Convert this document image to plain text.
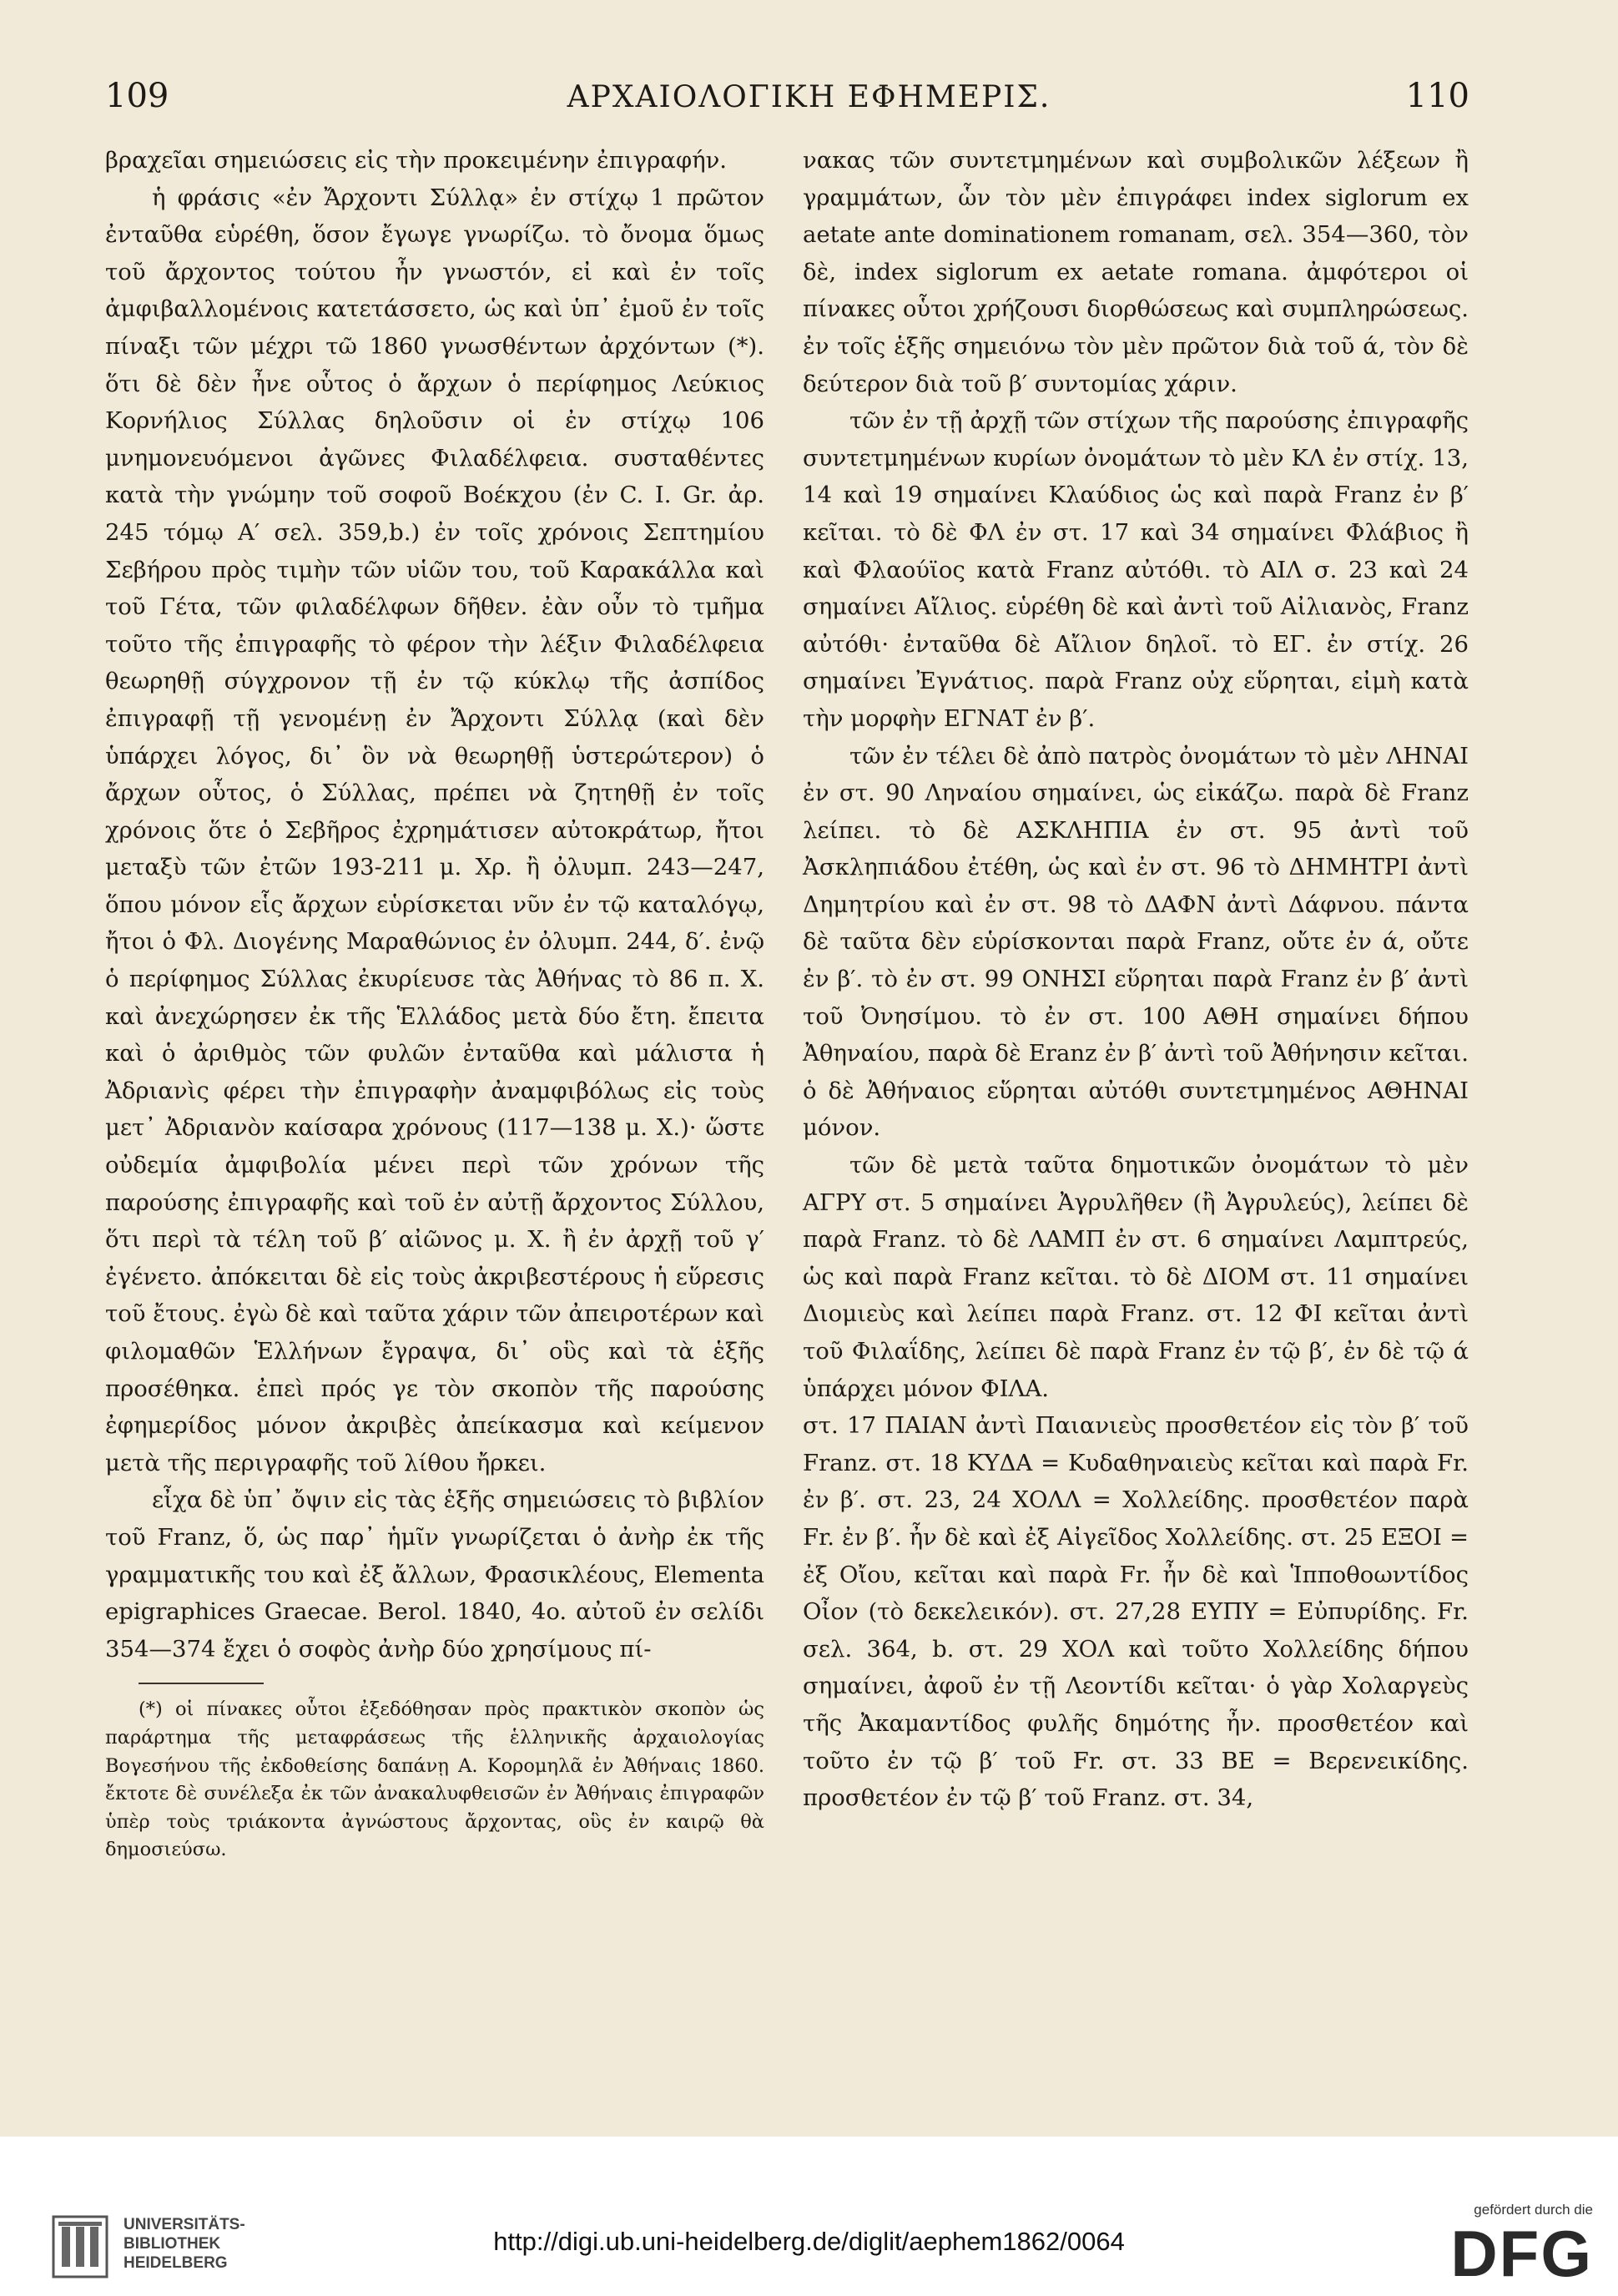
109	ΑΡΧΑΙΟΛΟΓΙΚΗ ΕΦΗΜΕΡΙΣ.	110

βραχεῖαι σημειώσεις εἰς τὴν προκειμένην ἐπιγραφήν.

ἡ φράσις «ἐν Ἄρχοντι Σύλλᾳ» ἐν στίχῳ 1 πρῶτον ἐνταῦθα εὑρέθη, ὅσον ἔγωγε γνωρίζω. τὸ ὄνομα ὅμως τοῦ ἄρχοντος τούτου ἦν γνωστόν, εἰ καὶ ἐν τοῖς ἀμφιβαλλομένοις κατετάσσετο, ὡς καὶ ὑπ᾽ ἐμοῦ ἐν τοῖς πίναξι τῶν μέχρι τῶ 1860 γνωσθέντων ἀρχόντων (*). ὅτι δὲ δὲν ἦνε οὗτος ὁ ἄρχων ὁ περίφημος Λεύκιος Κορνήλιος Σύλλας δηλοῦσιν οἱ ἐν στίχῳ 106 μνημονευόμενοι ἀγῶνες Φιλαδέλφεια. συσταθέντες κατὰ τὴν γνώμην τοῦ σοφοῦ Βοέκχου (ἐν C. I. Gr. ἀρ. 245 τόμῳ Α′ σελ. 359,b.) ἐν τοῖς χρόνοις Σεπτημίου Σεβήρου πρὸς τιμὴν τῶν υἱῶν του, τοῦ Καρακάλλα καὶ τοῦ Γέτα, τῶν φιλαδέλφων δῆθεν. ἐὰν οὖν τὸ τμῆμα τοῦτο τῆς ἐπιγραφῆς τὸ φέρον τὴν λέξιν Φιλαδέλφεια θεωρηθῇ σύγχρονον τῇ ἐν τῷ κύκλῳ τῆς ἀσπίδος ἐπιγραφῇ τῇ γενομένῃ ἐν Ἄρχοντι Σύλλᾳ (καὶ δὲν ὑπάρχει λόγος, δι᾽ ὃν νὰ θεωρηθῇ ὑστερώτερον) ὁ ἄρχων οὗτος, ὁ Σύλλας, πρέπει νὰ ζητηθῇ ἐν τοῖς χρόνοις ὅτε ὁ Σεβῆρος ἐχρημάτισεν αὐτοκράτωρ, ἤτοι μεταξὺ τῶν ἐτῶν 193-211 μ. Χρ. ἢ ὀλυμπ. 243—247, ὅπου μόνον εἷς ἄρχων εὑρίσκεται νῦν ἐν τῷ καταλόγῳ, ἤτοι ὁ Φλ. Διογένης Μαραθώνιος ἐν ὀλυμπ. 244, δ′. ἐνῷ ὁ περίφημος Σύλλας ἐκυρίευσε τὰς Ἀθήνας τὸ 86 π. Χ. καὶ ἀνεχώρησεν ἐκ τῆς Ἑλλάδος μετὰ δύο ἔτη. ἔπειτα καὶ ὁ ἀριθμὸς τῶν φυλῶν ἐνταῦθα καὶ μάλιστα ἡ Ἀδριανὶς φέρει τὴν ἐπιγραφὴν ἀναμφιβόλως εἰς τοὺς μετ᾽ Ἀδριανὸν καίσαρα χρόνους (117—138 μ. Χ.)· ὥστε οὐδεμία ἀμφιβολία μένει περὶ τῶν χρόνων τῆς παρούσης ἐπιγραφῆς καὶ τοῦ ἐν αὐτῇ ἄρχοντος Σύλλου, ὅτι περὶ τὰ τέλη τοῦ β′ αἰῶνος μ. Χ. ἢ ἐν ἀρχῇ τοῦ γ′ ἐγένετο. ἀπόκειται δὲ εἰς τοὺς ἀκριβεστέρους ἡ εὕρεσις τοῦ ἔτους. ἐγὼ δὲ καὶ ταῦτα χάριν τῶν ἀπειροτέρων καὶ φιλομαθῶν Ἑλλήνων ἔγραψα, δι᾽ οὓς καὶ τὰ ἑξῆς προσέθηκα. ἐπεὶ πρός γε τὸν σκοπὸν τῆς παρούσης ἐφημερίδος μόνον ἀκριβὲς ἀπείκασμα καὶ κείμενον μετὰ τῆς περιγραφῆς τοῦ λίθου ἤρκει.

εἶχα δὲ ὑπ᾽ ὄψιν εἰς τὰς ἑξῆς σημειώσεις τὸ βιβλίον τοῦ Franz, ὅ, ὡς παρ᾽ ἡμῖν γνωρίζεται ὁ ἀνὴρ ἐκ τῆς γραμματικῆς του καὶ ἐξ ἄλλων, Φρασικλέους, Elementa epigraphices Graecae. Berol. 1840, 4o. αὐτοῦ ἐν σελίδι 354—374 ἔχει ὁ σοφὸς ἀνὴρ δύο χρησίμους πί-

(*) οἱ πίνακες οὗτοι ἐξεδόθησαν πρὸς πρακτικὸν σκοπὸν ὡς παράρτημα τῆς μεταφράσεως τῆς ἑλληνικῆς ἀρχαιολογίας Βογεσήνου τῆς ἐκδοθείσης δαπάνῃ Α. Κορομηλᾶ ἐν Ἀθήναις 1860. ἔκτοτε δὲ συνέλεξα ἐκ τῶν ἀνακαλυφθεισῶν ἐν Ἀθήναις ἐπιγραφῶν ὑπὲρ τοὺς τριάκοντα ἀγνώστους ἄρχοντας, οὓς ἐν καιρῷ θὰ δημοσιεύσω.

νακας τῶν συντετμημένων καὶ συμβολικῶν λέξεων ἢ γραμμάτων, ὧν τὸν μὲν ἐπιγράφει index siglorum ex aetate ante dominationem romanam, σελ. 354—360, τὸν δὲ, index siglorum ex aetate romana. ἀμφότεροι οἱ πίνακες οὗτοι χρήζουσι διορθώσεως καὶ συμπληρώσεως. ἐν τοῖς ἑξῆς σημειόνω τὸν μὲν πρῶτον διὰ τοῦ ά, τὸν δὲ δεύτερον διὰ τοῦ β′ συντομίας χάριν.

τῶν ἐν τῇ ἀρχῇ τῶν στίχων τῆς παρούσης ἐπιγραφῆς συντετμημένων κυρίων ὀνομάτων τὸ μὲν ΚΛ ἐν στίχ. 13, 14 καὶ 19 σημαίνει Κλαύδιος ὡς καὶ παρὰ Franz ἐν β′ κεῖται. τὸ δὲ ΦΛ ἐν στ. 17 καὶ 34 σημαίνει Φλάβιος ἢ καὶ Φλαούϊος κατὰ Franz αὐτόθι. τὸ ΑΙΛ σ. 23 καὶ 24 σημαίνει Αἴλιος. εὑρέθη δὲ καὶ ἀντὶ τοῦ Αἰλιανὸς, Franz αὐτόθι· ἐνταῦθα δὲ Αἴλιον δηλοῖ. τὸ ΕΓ. ἐν στίχ. 26 σημαίνει Ἐγνάτιος. παρὰ Franz οὐχ εὕρηται, εἰμὴ κατὰ τὴν μορφὴν ΕΓΝΑΤ ἐν β′.

τῶν ἐν τέλει δὲ ἀπὸ πατρὸς ὀνομάτων τὸ μὲν ΛΗΝΑΙ ἐν στ. 90 Ληναίου σημαίνει, ὡς εἰκάζω. παρὰ δὲ Franz λείπει. τὸ δὲ ΑΣΚΛΗΠΙΑ ἐν στ. 95 ἀντὶ τοῦ Ἀσκληπιάδου ἐτέθη, ὡς καὶ ἐν στ. 96 τὸ ΔΗΜΗΤΡΙ ἀντὶ Δημητρίου καὶ ἐν στ. 98 τὸ ΔΑΦΝ ἀντὶ Δάφνου. πάντα δὲ ταῦτα δὲν εὑρίσκονται παρὰ Franz, οὔτε ἐν ά, οὔτε ἐν β′. τὸ ἐν στ. 99 ΟΝΗΣΙ εὕρηται παρὰ Franz ἐν β′ ἀντὶ τοῦ Ὀνησίμου. τὸ ἐν στ. 100 ΑΘΗ σημαίνει δήπου Ἀθηναίου, παρὰ δὲ Eranz ἐν β′ ἀντὶ τοῦ Ἀθήνησιν κεῖται. ὁ δὲ Ἀθήναιος εὕρηται αὐτόθι συντετμημένος ΑΘΗΝΑΙ μόνον.

τῶν δὲ μετὰ ταῦτα δημοτικῶν ὀνομάτων τὸ μὲν ΑΓΡΥ στ. 5 σημαίνει Ἀγρυλῆθεν (ἢ Ἀγρυλεύς), λείπει δὲ παρὰ Franz. τὸ δὲ ΛΑΜΠ ἐν στ. 6 σημαίνει Λαμπτρεύς, ὡς καὶ παρὰ Franz κεῖται. τὸ δὲ ΔΙΟΜ στ. 11 σημαίνει Διομιεὺς καὶ λείπει παρὰ Franz. στ. 12 ΦΙ κεῖται ἀντὶ τοῦ Φιλαΐδης, λείπει δὲ παρὰ Franz ἐν τῷ β′, ἐν δὲ τῷ ά ὑπάρχει μόνον ΦΙΛΑ.

στ. 17 ΠΑΙΑΝ ἀντὶ Παιανιεὺς προσθετέον εἰς τὸν β′ τοῦ Franz. στ. 18 ΚΥΔΑ = Κυδαθηναιεὺς κεῖται καὶ παρὰ Fr. ἐν β′. στ. 23, 24 ΧΟΛΛ = Χολλείδης. προσθετέον παρὰ Fr. ἐν β′. ἦν δὲ καὶ ἐξ Αἰγεῖδος Χολλείδης. στ. 25 ΕΞΟΙ = ἐξ Οἴου, κεῖται καὶ παρὰ Fr. ἦν δὲ καὶ Ἱπποθοωντίδος Οἶον (τὸ δεκελεικόν). στ. 27,28 ΕΥΠΥ = Εὐπυρίδης. Fr. σελ. 364, b. στ. 29 ΧΟΛ καὶ τοῦτο Χολλείδης δήπου σημαίνει, ἀφοῦ ἐν τῇ Λεοντίδι κεῖται· ὁ γὰρ Χολαργεὺς τῆς Ἀκαμαντίδος φυλῆς δημότης ἦν. προσθετέον καὶ τοῦτο ἐν τῷ β′ τοῦ Fr. στ. 33 ΒΕ = Βερενεικίδης. προσθετέον ἐν τῷ β′ τοῦ Franz. στ. 34,

UNIVERSITÄTS-
BIBLIOTHEK
HEIDELBERG
http://digi.ub.uni-heidelberg.de/diglit/aephem1862/0064
gefördert durch die
DFG
